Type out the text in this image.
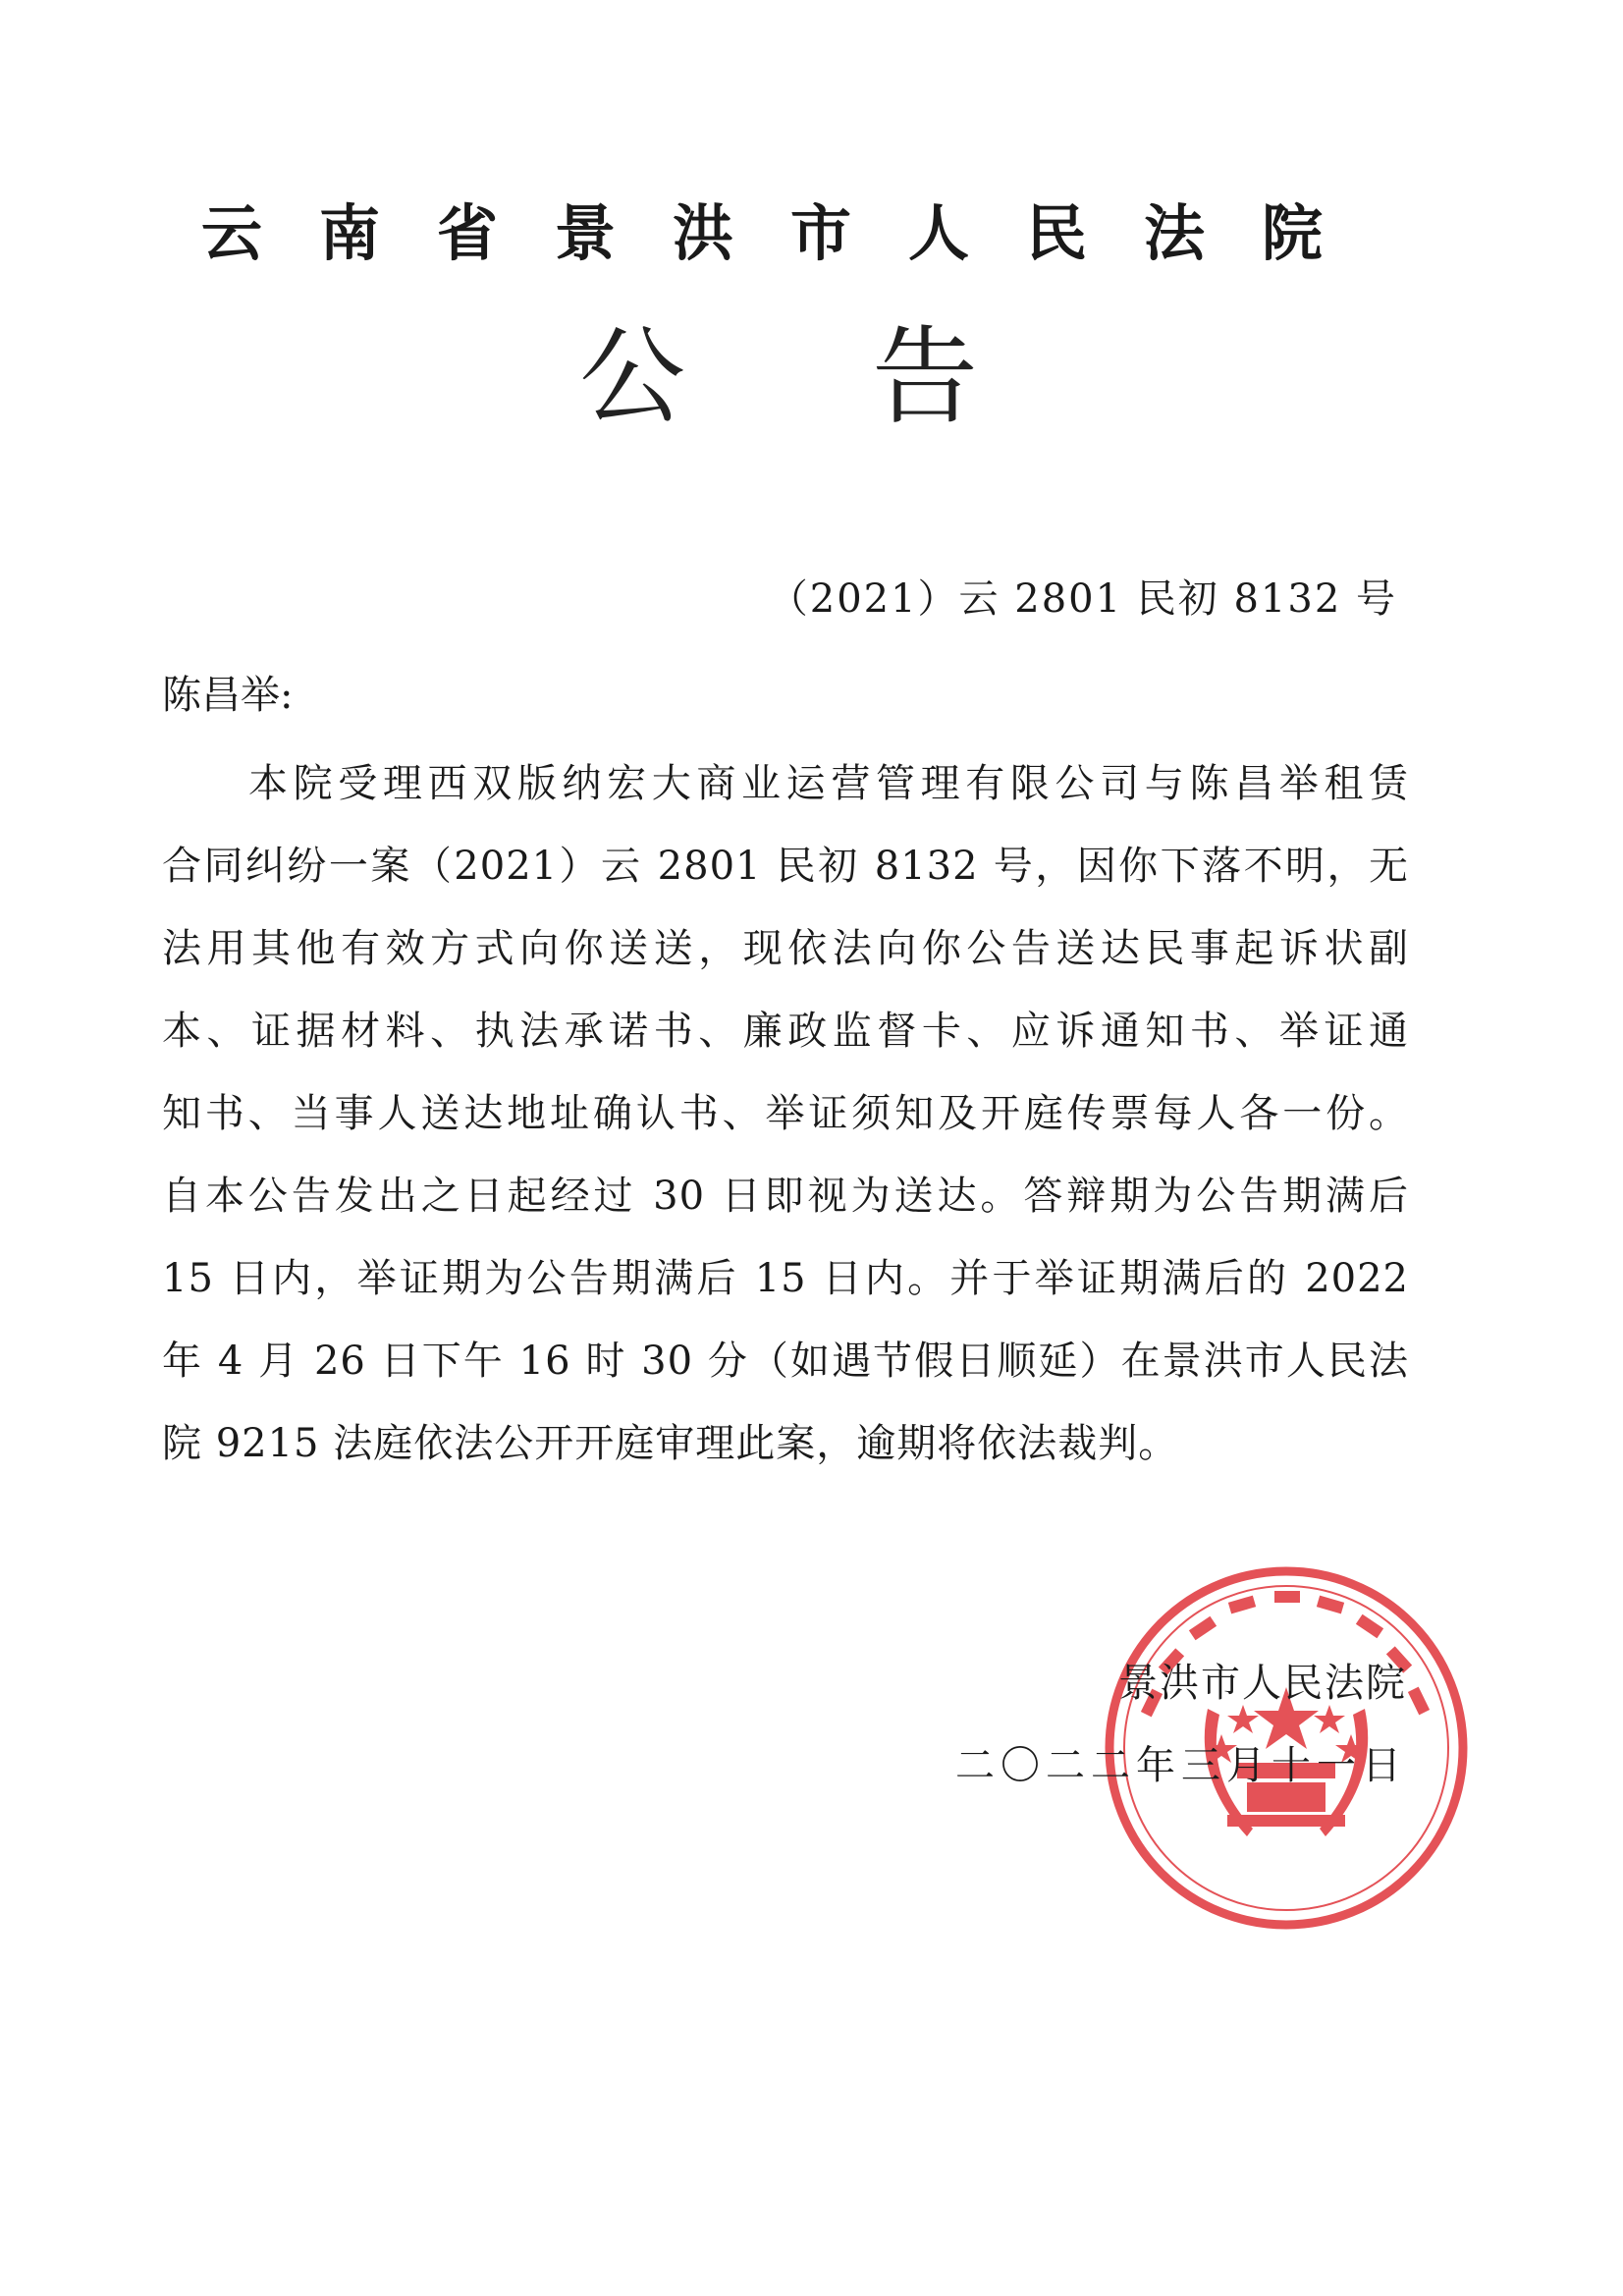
云南省景洪市人民法院
公告
（2021）云 2801 民初 8132 号
陈昌举:
本院受理西双版纳宏大商业运营管理有限公司与陈昌举租赁
合同纠纷一案（2021）云 2801 民初 8132 号，因你下落不明，无
法用其他有效方式向你送送，现依法向你公告送达民事起诉状副
本、证据材料、执法承诺书、廉政监督卡、应诉通知书、举证通
知书、当事人送达地址确认书、举证须知及开庭传票每人各一份。
自本公告发出之日起经过 30 日即视为送达。答辩期为公告期满后
15 日内，举证期为公告期满后 15 日内。并于举证期满后的 2022
年 4 月 26 日下午 16 时 30 分（如遇节假日顺延）在景洪市人民法
院 9215 法庭依法公开开庭审理此案，逾期将依法裁判。
景洪市人民法院
二〇二二年三月十一日
